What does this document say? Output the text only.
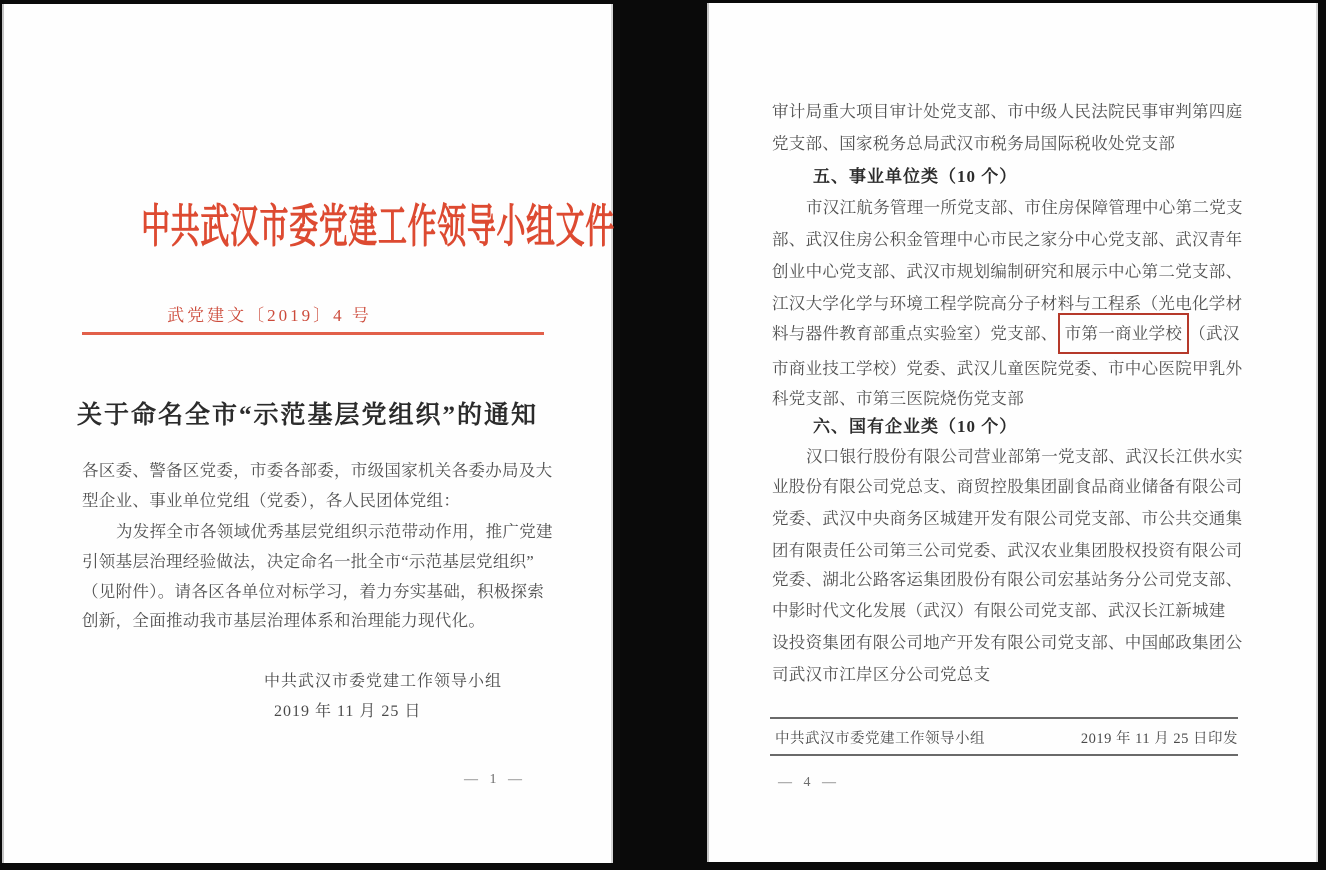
中共武汉市委党建工作领导小组文件
武党建文〔2019〕4 号
关于命名全市“示范基层党组织”的通知
各区委、警备区党委，市委各部委，市级国家机关各委办局及大
型企业、事业单位党组（党委），各人民团体党组：
为发挥全市各领域优秀基层党组织示范带动作用，推广党建
引领基层治理经验做法，决定命名一批全市“示范基层党组织”
（见附件）。请各区各单位对标学习，着力夯实基础，积极探索
创新，全面推动我市基层治理体系和治理能力现代化。
中共武汉市委党建工作领导小组
2019 年 11 月 25 日
— 1 —
审计局重大项目审计处党支部、市中级人民法院民事审判第四庭
党支部、国家税务总局武汉市税务局国际税收处党支部
五、事业单位类（10 个）
市汉江航务管理一所党支部、市住房保障管理中心第二党支
部、武汉住房公积金管理中心市民之家分中心党支部、武汉青年
创业中心党支部、武汉市规划编制研究和展示中心第二党支部、
江汉大学化学与环境工程学院高分子材料与工程系（光电化学材
料与器件教育部重点实验室）党支部、 市第一商业学校 （武汉
市商业技工学校）党委、武汉儿童医院党委、市中心医院甲乳外
科党支部、市第三医院烧伤党支部
六、国有企业类（10 个）
汉口银行股份有限公司营业部第一党支部、武汉长江供水实
业股份有限公司党总支、商贸控股集团副食品商业储备有限公司
党委、武汉中央商务区城建开发有限公司党支部、市公共交通集
团有限责任公司第三公司党委、武汉农业集团股权投资有限公司
党委、湖北公路客运集团股份有限公司宏基站务分公司党支部、
中影时代文化发展（武汉）有限公司党支部、武汉长江新城建
设投资集团有限公司地产开发有限公司党支部、中国邮政集团公
司武汉市江岸区分公司党总支
中共武汉市委党建工作领导小组	2019 年 11 月 25 日印发
— 4 —
